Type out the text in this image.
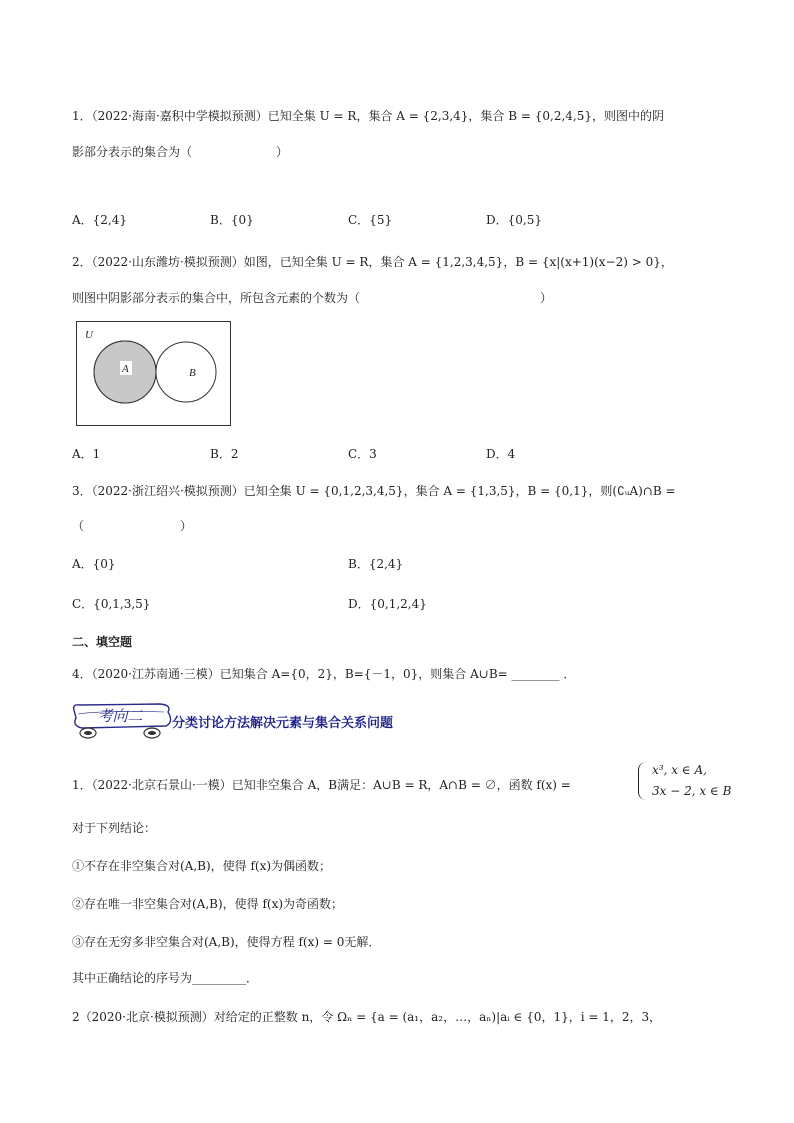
1．（2022·海南·嘉积中学模拟预测）已知全集 U = R，集合 A = {2,3,4}，集合 B = {0,2,4,5}，则图中的阴
影部分表示的集合为（　　　　　　　）
A．{2,4}	B．{0}	C．{5}	D．{0,5}
2．（2022·山东潍坊·模拟预测）如图，已知全集 U = R，集合 A = {1,2,3,4,5}，B = {x|(x+1)(x−2) > 0}，
则图中阴影部分表示的集合中，所包含元素的个数为（　　　　　　　　　　　　　　　）
U
A	B
A．1	B．2	C．3	D．4
3．（2022·浙江绍兴·模拟预测）已知全集 U = {0,1,2,3,4,5}，集合 A = {1,3,5}，B = {0,1}，则(∁ᵤA)∩B =
（　　　　　　　　）
A．{0}	B．{2,4}
C．{0,1,3,5}	D．{0,1,2,4}
二、填空题
4．（2020·江苏南通·三模）已知集合 A={0，2}，B={－1，0}，则集合 A∪B= ________ ．
考向二 分类讨论方法解决元素与集合关系问题
1．（2022·北京石景山·一模）已知非空集合 A，B满足：A∪B = R，A∩B = ∅，函数 f(x) =
x³, x ∈ A,
3x − 2, x ∈ B
对于下列结论：
①不存在非空集合对(A,B)，使得 f(x)为偶函数；
②存在唯一非空集合对(A,B)，使得 f(x)为奇函数；
③存在无穷多非空集合对(A,B)，使得方程 f(x) = 0无解．
其中正确结论的序号为_________．
2（2020·北京·模拟预测）对给定的正整数 n，令 Ωₙ = {a = (a₁，a₂，…，aₙ)|aᵢ ∈ {0，1}，i = 1，2，3，
